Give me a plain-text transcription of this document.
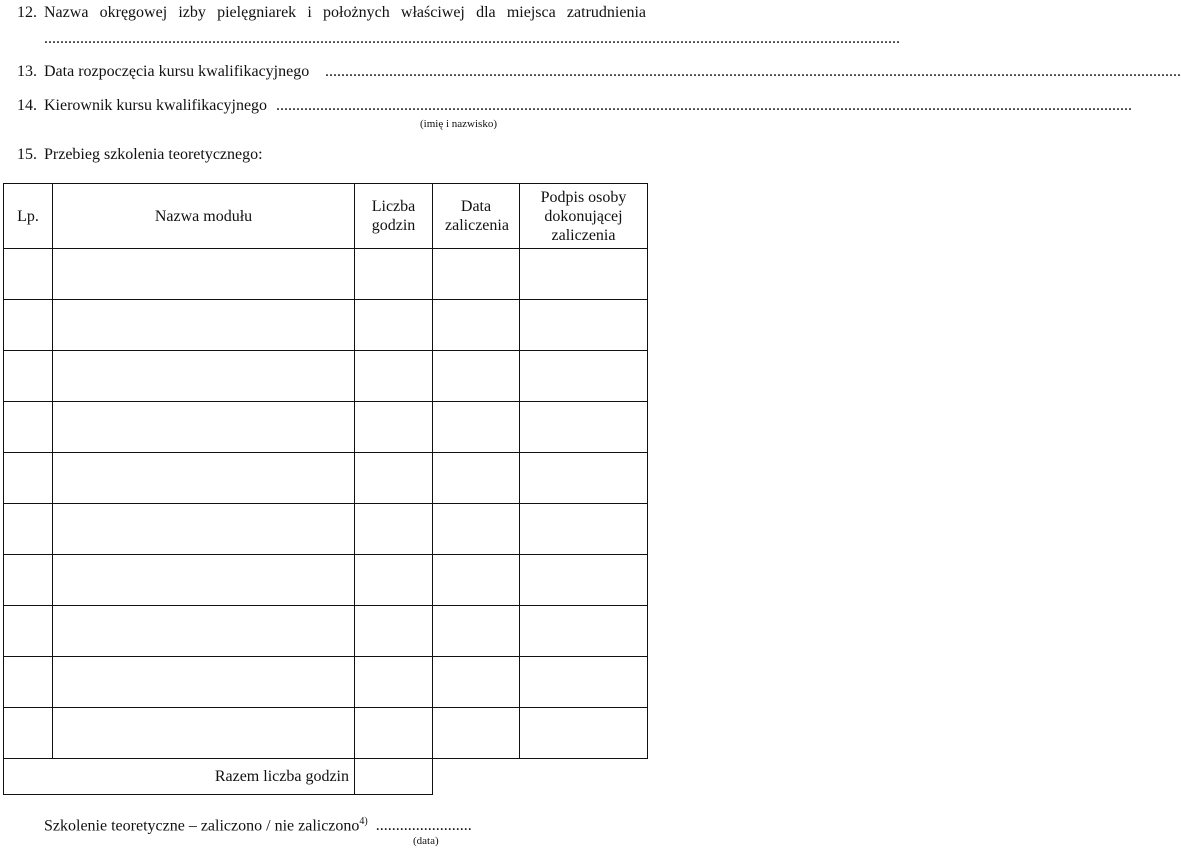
12. Nazwa okręgowej izby pielęgniarek i położnych właściwej dla miejsca zatrudnienia
......................................................................................................................................................................................................................
13. Data rozpoczęcia kursu kwalifikacyjnego ......................................................................................................................................................................................................................
14. Kierownik kursu kwalifikacyjnego ......................................................................................................................................................................................................................
(imię i nazwisko)
15. Przebieg szkolenia teoretycznego:
Lp.	Nazwa modułu	Liczba godzin	Data zaliczenia	Podpis osoby dokonującej zaliczenia

Razem liczba godzin				
Szkolenie teoretyczne – zaliczono / nie zaliczono$^{4)}$ ........................
(data)
